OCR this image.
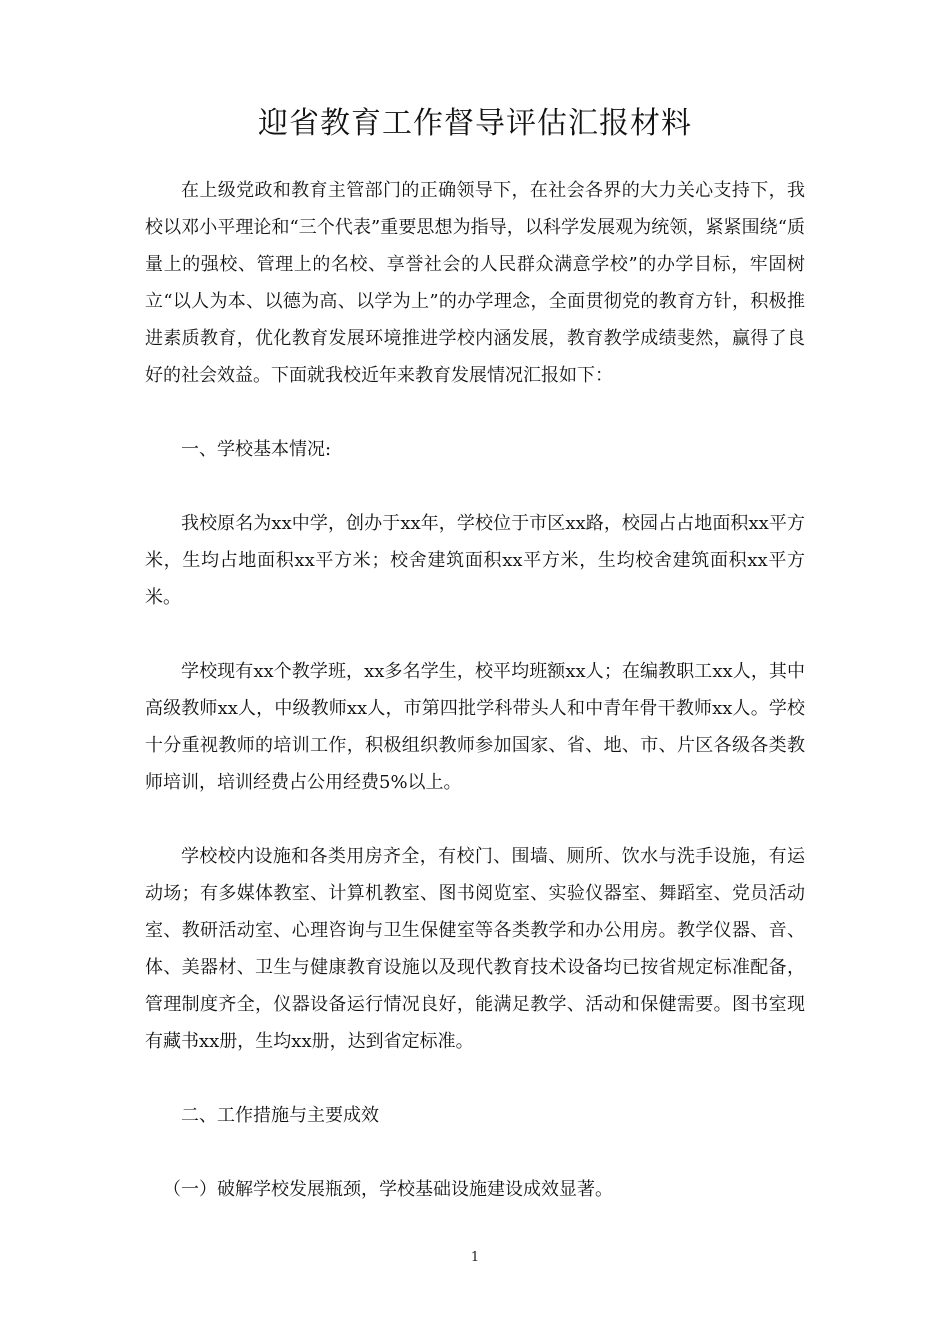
迎省教育工作督导评估汇报材料

在上级党政和教育主管部门的正确领导下，在社会各界的大力关心支持下，我校以邓小平理论和“三个代表”重要思想为指导，以科学发展观为统领，紧紧围绕“质量上的强校、管理上的名校、享誉社会的人民群众满意学校”的办学目标，牢固树立“以人为本、以德为高、以学为上”的办学理念，全面贯彻党的教育方针，积极推进素质教育，优化教育发展环境推进学校内涵发展，教育教学成绩斐然，赢得了良好的社会效益。下面就我校近年来教育发展情况汇报如下：

一、学校基本情况:

我校原名为xx中学，创办于xx年，学校位于市区xx路，校园占占地面积xx平方米，生均占地面积xx平方米；校舍建筑面积xx平方米，生均校舍建筑面积xx平方米。

学校现有xx个教学班，xx多名学生，校平均班额xx人；在编教职工xx人，其中高级教师xx人，中级教师xx人，市第四批学科带头人和中青年骨干教师xx人。学校十分重视教师的培训工作，积极组织教师参加国家、省、地、市、片区各级各类教师培训，培训经费占公用经费5%以上。

学校校内设施和各类用房齐全，有校门、围墙、厕所、饮水与洗手设施，有运动场；有多媒体教室、计算机教室、图书阅览室、实验仪器室、舞蹈室、党员活动室、教研活动室、心理咨询与卫生保健室等各类教学和办公用房。教学仪器、音、体、美器材、卫生与健康教育设施以及现代教育技术设备均已按省规定标准配备，管理制度齐全，仪器设备运行情况良好，能满足教学、活动和保健需要。图书室现有藏书xx册，生均xx册，达到省定标准。

二、工作措施与主要成效

（一）破解学校发展瓶颈，学校基础设施建设成效显著。

1
